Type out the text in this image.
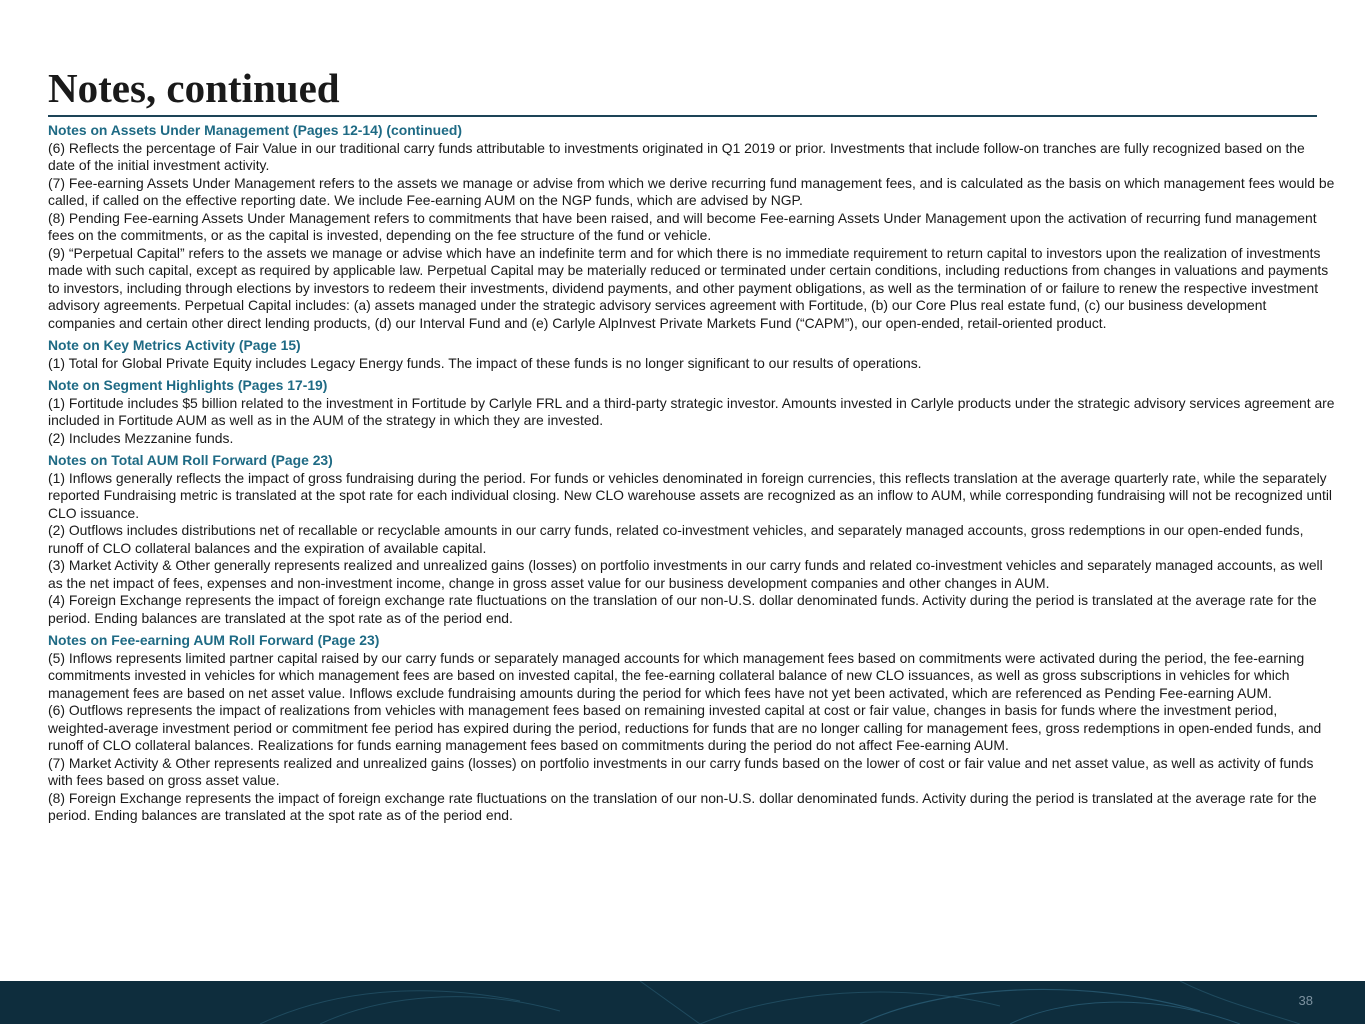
Notes, continued
Notes on Assets Under Management (Pages 12-14) (continued)
(6) Reflects the percentage of Fair Value in our traditional carry funds attributable to investments originated in Q1 2019 or prior. Investments that include follow-on tranches are fully recognized based on the date of the initial investment activity.
(7) Fee-earning Assets Under Management refers to the assets we manage or advise from which we derive recurring fund management fees, and is calculated as the basis on which management fees would be called, if called on the effective reporting date. We include Fee-earning AUM on the NGP funds, which are advised by NGP.
(8) Pending Fee-earning Assets Under Management refers to commitments that have been raised, and will become Fee-earning Assets Under Management upon the activation of recurring fund management fees on the commitments, or as the capital is invested, depending on the fee structure of the fund or vehicle.
(9) “Perpetual Capital” refers to the assets we manage or advise which have an indefinite term and for which there is no immediate requirement to return capital to investors upon the realization of investments made with such capital, except as required by applicable law. Perpetual Capital may be materially reduced or terminated under certain conditions, including reductions from changes in valuations and payments to investors, including through elections by investors to redeem their investments, dividend payments, and other payment obligations, as well as the termination of or failure to renew the respective investment advisory agreements. Perpetual Capital includes: (a) assets managed under the strategic advisory services agreement with Fortitude, (b) our Core Plus real estate fund, (c) our business development companies and certain other direct lending products, (d) our Interval Fund and (e) Carlyle AlpInvest Private Markets Fund (“CAPM”), our open-ended, retail-oriented product.
Note on Key Metrics Activity (Page 15)
(1) Total for Global Private Equity includes Legacy Energy funds. The impact of these funds is no longer significant to our results of operations.
Note on Segment Highlights (Pages 17-19)
(1) Fortitude includes $5 billion related to the investment in Fortitude by Carlyle FRL and a third-party strategic investor. Amounts invested in Carlyle products under the strategic advisory services agreement are included in Fortitude AUM as well as in the AUM of the strategy in which they are invested.
(2) Includes Mezzanine funds.
Notes on Total AUM Roll Forward (Page 23)
(1) Inflows generally reflects the impact of gross fundraising during the period. For funds or vehicles denominated in foreign currencies, this reflects translation at the average quarterly rate, while the separately reported Fundraising metric is translated at the spot rate for each individual closing. New CLO warehouse assets are recognized as an inflow to AUM, while corresponding fundraising will not be recognized until CLO issuance.
(2) Outflows includes distributions net of recallable or recyclable amounts in our carry funds, related co-investment vehicles, and separately managed accounts, gross redemptions in our open-ended funds, runoff of CLO collateral balances and the expiration of available capital.
(3) Market Activity & Other generally represents realized and unrealized gains (losses) on portfolio investments in our carry funds and related co-investment vehicles and separately managed accounts, as well as the net impact of fees, expenses and non-investment income, change in gross asset value for our business development companies and other changes in AUM.
(4) Foreign Exchange represents the impact of foreign exchange rate fluctuations on the translation of our non-U.S. dollar denominated funds. Activity during the period is translated at the average rate for the period. Ending balances are translated at the spot rate as of the period end.
Notes on Fee-earning AUM Roll Forward (Page 23)
(5) Inflows represents limited partner capital raised by our carry funds or separately managed accounts for which management fees based on commitments were activated during the period, the fee-earning commitments invested in vehicles for which management fees are based on invested capital, the fee-earning collateral balance of new CLO issuances, as well as gross subscriptions in vehicles for which management fees are based on net asset value. Inflows exclude fundraising amounts during the period for which fees have not yet been activated, which are referenced as Pending Fee-earning AUM.
(6) Outflows represents the impact of realizations from vehicles with management fees based on remaining invested capital at cost or fair value, changes in basis for funds where the investment period, weighted-average investment period or commitment fee period has expired during the period, reductions for funds that are no longer calling for management fees, gross redemptions in open-ended funds, and runoff of CLO collateral balances. Realizations for funds earning management fees based on commitments during the period do not affect Fee-earning AUM.
(7) Market Activity & Other represents realized and unrealized gains (losses) on portfolio investments in our carry funds based on the lower of cost or fair value and net asset value, as well as activity of funds with fees based on gross asset value.
(8) Foreign Exchange represents the impact of foreign exchange rate fluctuations on the translation of our non-U.S. dollar denominated funds. Activity during the period is translated at the average rate for the period. Ending balances are translated at the spot rate as of the period end.
38
